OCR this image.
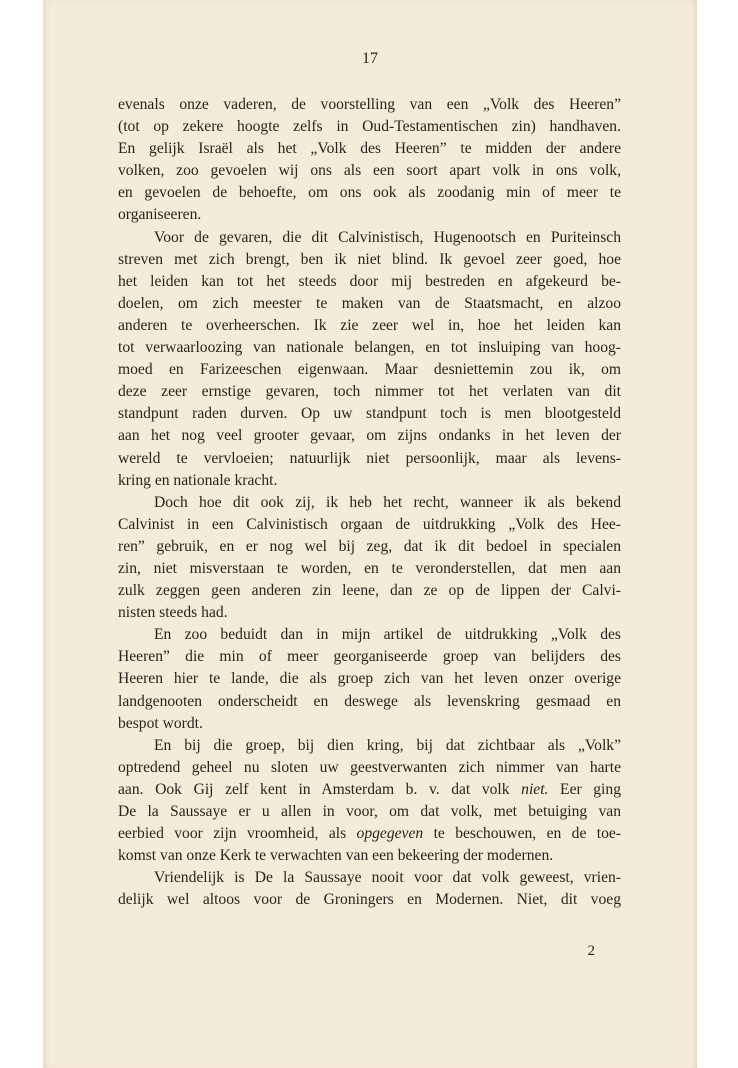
17

evenals onze vaderen, de voorstelling van een „Volk des Heeren”
(tot op zekere hoogte zelfs in Oud-Testamentischen zin) handhaven.
En gelijk Israël als het „Volk des Heeren” te midden der andere
volken, zoo gevoelen wij ons als een soort apart volk in ons volk,
en gevoelen de behoefte, om ons ook als zoodanig min of meer te
organiseeren.

Voor de gevaren, die dit Calvinistisch, Hugenootsch en Puriteinsch
streven met zich brengt, ben ik niet blind. Ik gevoel zeer goed, hoe
het leiden kan tot het steeds door mij bestreden en afgekeurd be-
doelen, om zich meester te maken van de Staatsmacht, en alzoo
anderen te overheerschen. Ik zie zeer wel in, hoe het leiden kan
tot verwaarloozing van nationale belangen, en tot insluiping van hoog-
moed en Farizeeschen eigenwaan. Maar desniettemin zou ik, om
deze zeer ernstige gevaren, toch nimmer tot het verlaten van dit
standpunt raden durven. Op uw standpunt toch is men blootgesteld
aan het nog veel grooter gevaar, om zijns ondanks in het leven der
wereld te vervloeien; natuurlijk niet persoonlijk, maar als levens-
kring en nationale kracht.

Doch hoe dit ook zij, ik heb het recht, wanneer ik als bekend
Calvinist in een Calvinistisch orgaan de uitdrukking „Volk des Hee-
ren” gebruik, en er nog wel bij zeg, dat ik dit bedoel in specialen
zin, niet misverstaan te worden, en te veronderstellen, dat men aan
zulk zeggen geen anderen zin leene, dan ze op de lippen der Calvi-
nisten steeds had.

En zoo beduidt dan in mijn artikel de uitdrukking „Volk des
Heeren” die min of meer georganiseerde groep van belijders des
Heeren hier te lande, die als groep zich van het leven onzer overige
landgenooten onderscheidt en deswege als levenskring gesmaad en
bespot wordt.

En bij die groep, bij dien kring, bij dat zichtbaar als „Volk”
optredend geheel nu sloten uw geestverwanten zich nimmer van harte
aan. Ook Gij zelf kent in Amsterdam b. v. dat volk niet. Eer ging
De la Saussaye er u allen in voor, om dat volk, met betuiging van
eerbied voor zijn vroomheid, als opgegeven te beschouwen, en de toe-
komst van onze Kerk te verwachten van een bekeering der modernen.

Vriendelijk is De la Saussaye nooit voor dat volk geweest, vrien-
delijk wel altoos voor de Groningers en Modernen. Niet, dit voeg

2
